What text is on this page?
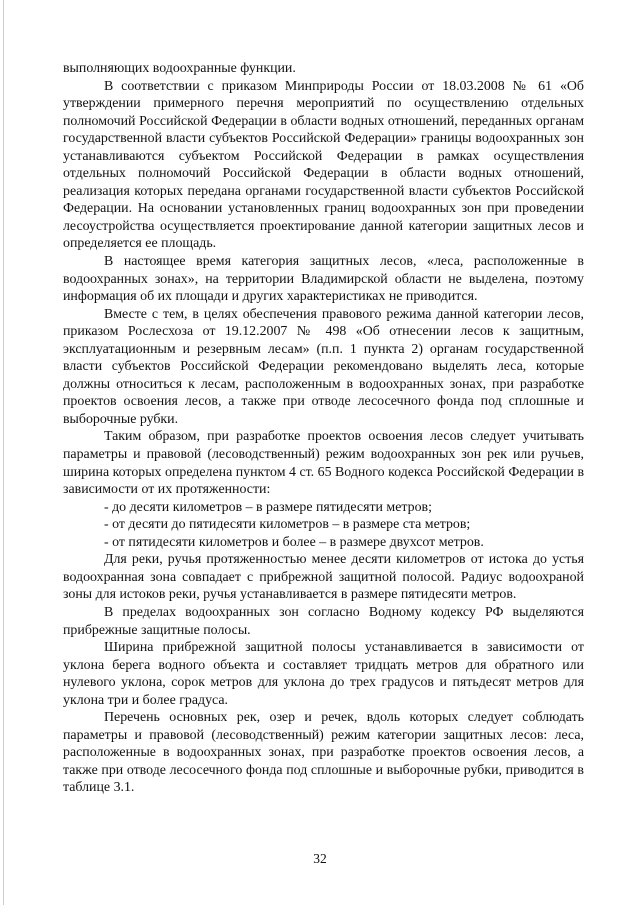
выполняющих водоохранные функции.

В соответствии с приказом Минприроды России от 18.03.2008 № 61 «Об утверждении примерного перечня мероприятий по осуществлению отдельных полномочий Российской Федерации в области водных отношений, переданных органам государственной власти субъектов Российской Федерации» границы водоохранных зон устанавливаются субъектом Российской Федерации в рамках осуществления отдельных полномочий Российской Федерации в области водных отношений, реализация которых передана органами государственной власти субъектов Российской Федерации. На основании установленных границ водоохранных зон при проведении лесоустройства осуществляется проектирование данной категории защитных лесов и определяется ее площадь.

В настоящее время категория защитных лесов, «леса, расположенные в водоохранных зонах», на территории Владимирской области не выделена, поэтому информация об их площади и других характеристиках не приводится.

Вместе с тем, в целях обеспечения правового режима данной категории лесов, приказом Рослесхоза от 19.12.2007 № 498 «Об отнесении лесов к защитным, эксплуатационным и резервным лесам» (п.п. 1 пункта 2) органам государственной власти субъектов Российской Федерации рекомендовано выделять леса, которые должны относиться к лесам, расположенным в водоохранных зонах, при разработке проектов освоения лесов, а также при отводе лесосечного фонда под сплошные и выборочные рубки.

Таким образом, при разработке проектов освоения лесов следует учитывать параметры и правовой (лесоводственный) режим водоохранных зон рек или ручьев, ширина которых определена пунктом 4 ст. 65 Водного кодекса Российской Федерации в зависимости от их протяженности:

- до десяти километров – в размере пятидесяти метров;

- от десяти до пятидесяти километров – в размере ста метров;

- от пятидесяти километров и более – в размере двухсот метров.

Для реки, ручья протяженностью менее десяти километров от истока до устья водоохранная зона совпадает с прибрежной защитной полосой. Радиус водоохраной зоны для истоков реки, ручья устанавливается в размере пятидесяти метров.

В пределах водоохранных зон согласно Водному кодексу РФ выделяются прибрежные защитные полосы.

Ширина прибрежной защитной полосы устанавливается в зависимости от уклона берега водного объекта и составляет тридцать метров для обратного или нулевого уклона, сорок метров для уклона до трех градусов и пятьдесят метров для уклона три и более градуса.

Перечень основных рек, озер и речек, вдоль которых следует соблюдать параметры и правовой (лесоводственный) режим категории защитных лесов: леса, расположенные в водоохранных зонах, при разработке проектов освоения лесов, а также при отводе лесосечного фонда под сплошные и выборочные рубки, приводится в таблице 3.1.

32
